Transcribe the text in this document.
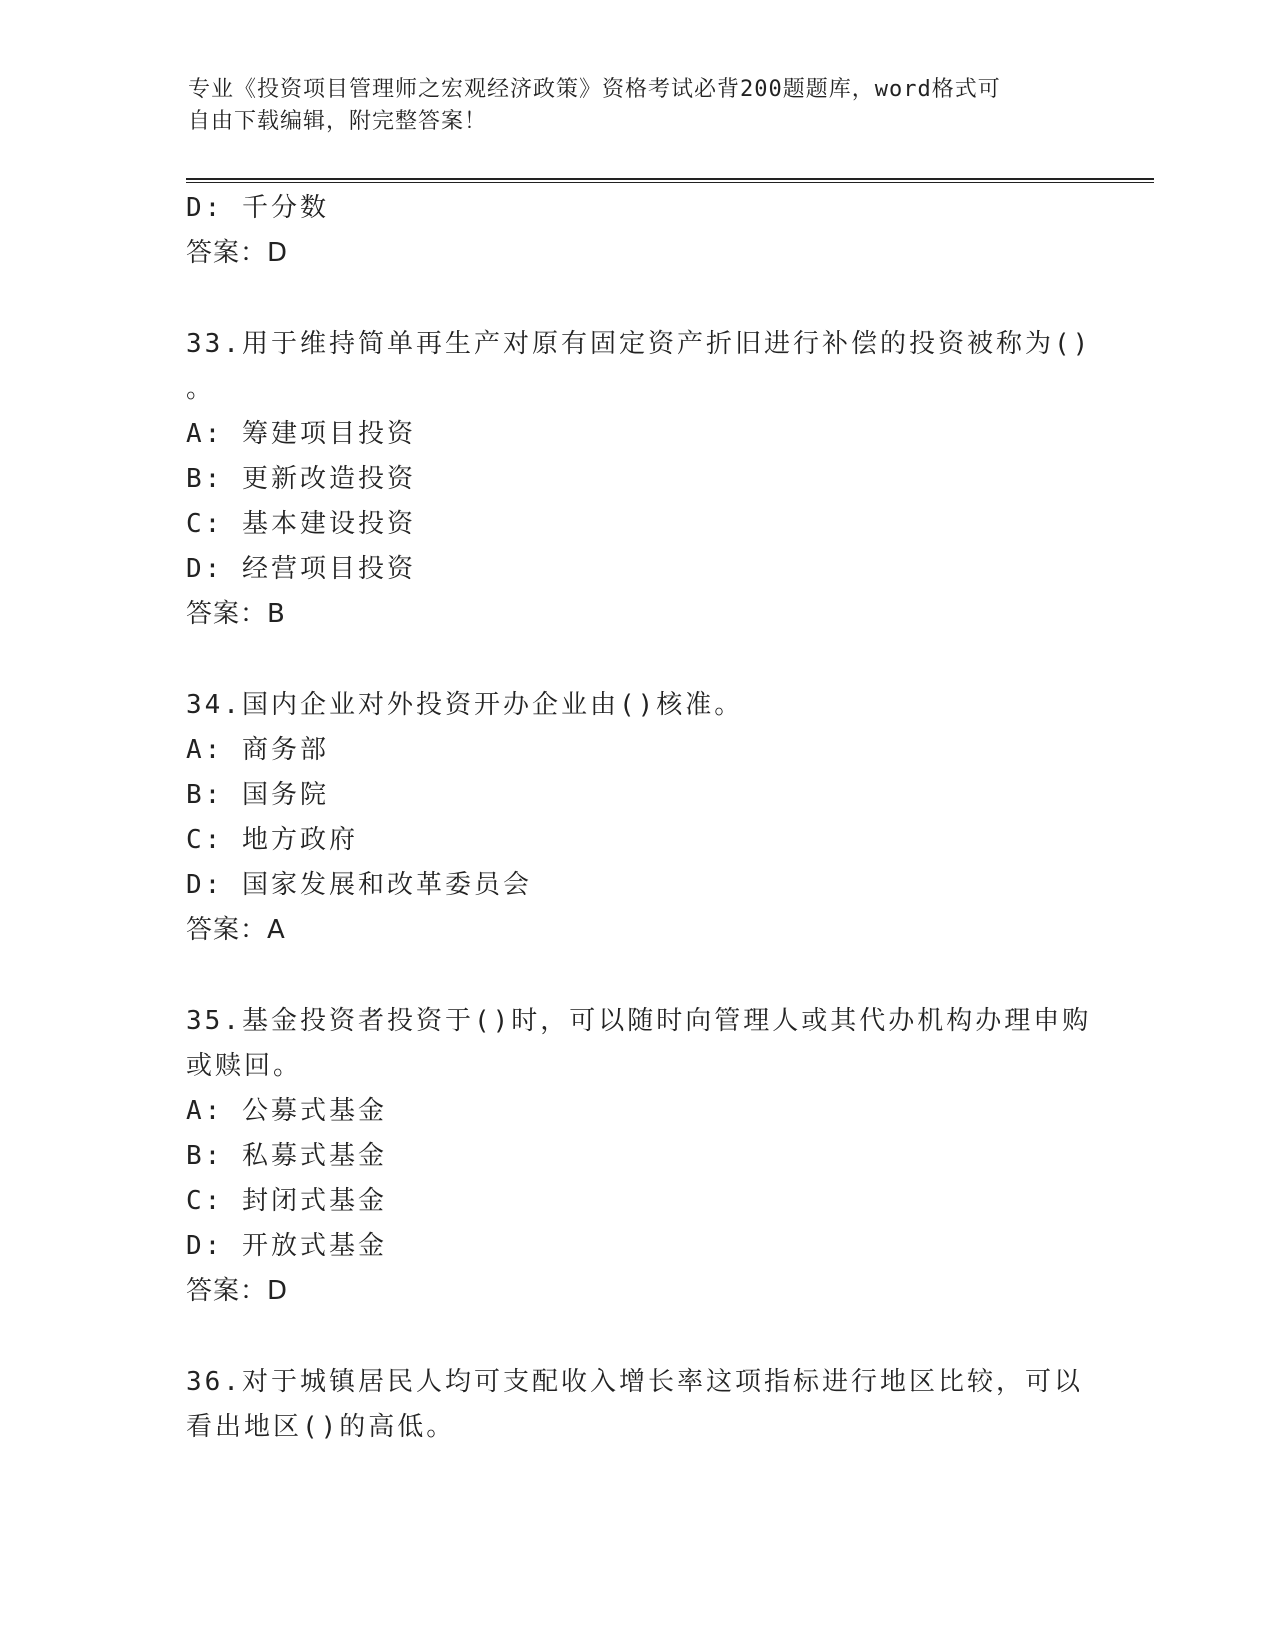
专业《投资项目管理师之宏观经济政策》资格考试必背200题题库，word格式可
自由下载编辑，附完整答案！
D: 千分数
答案：D
33.用于维持简单再生产对原有固定资产折旧进行补偿的投资被称为()
。
A: 筹建项目投资
B: 更新改造投资
C: 基本建设投资
D: 经营项目投资
答案：B
34.国内企业对外投资开办企业由()核准。
A: 商务部
B: 国务院
C: 地方政府
D: 国家发展和改革委员会
答案：A
35.基金投资者投资于()时，可以随时向管理人或其代办机构办理申购
或赎回。
A: 公募式基金
B: 私募式基金
C: 封闭式基金
D: 开放式基金
答案：D
36.对于城镇居民人均可支配收入增长率这项指标进行地区比较，可以
看出地区()的高低。
